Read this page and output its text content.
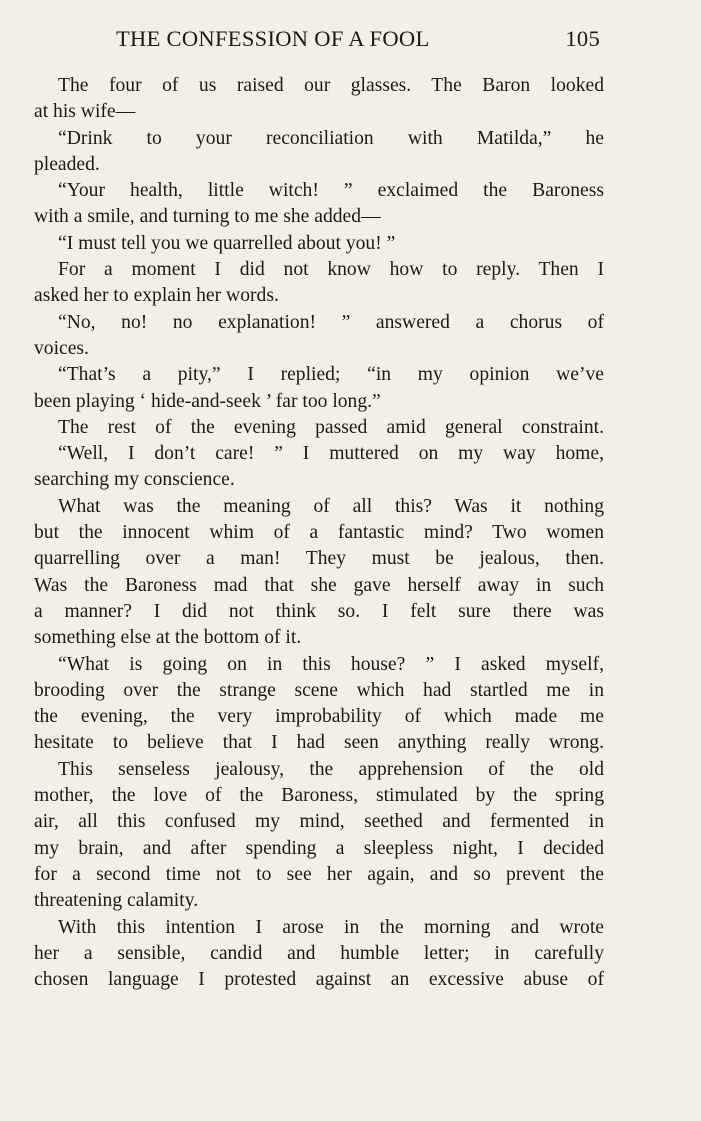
THE CONFESSION OF A FOOL	105
The four of us raised our glasses. The Baron looked
at his wife—
“Drink to your reconciliation with Matilda,” he
pleaded.
“Your health, little witch! ” exclaimed the Baroness
with a smile, and turning to me she added—
“I must tell you we quarrelled about you! ”
For a moment I did not know how to reply. Then I
asked her to explain her words.
“No, no! no explanation! ” answered a chorus of
voices.
“That’s a pity,” I replied; “in my opinion we’ve
been playing ‘ hide-and-seek ’ far too long.”
The rest of the evening passed amid general constraint.
“Well, I don’t care! ” I muttered on my way home,
searching my conscience.
What was the meaning of all this? Was it nothing
but the innocent whim of a fantastic mind? Two women
quarrelling over a man! They must be jealous, then.
Was the Baroness mad that she gave herself away in such
a manner? I did not think so. I felt sure there was
something else at the bottom of it.
“What is going on in this house? ” I asked myself,
brooding over the strange scene which had startled me in
the evening, the very improbability of which made me
hesitate to believe that I had seen anything really wrong.
This senseless jealousy, the apprehension of the old
mother, the love of the Baroness, stimulated by the spring
air, all this confused my mind, seethed and fermented in
my brain, and after spending a sleepless night, I decided
for a second time not to see her again, and so prevent the
threatening calamity.
With this intention I arose in the morning and wrote
her a sensible, candid and humble letter; in carefully
chosen language I protested against an excessive abuse of
